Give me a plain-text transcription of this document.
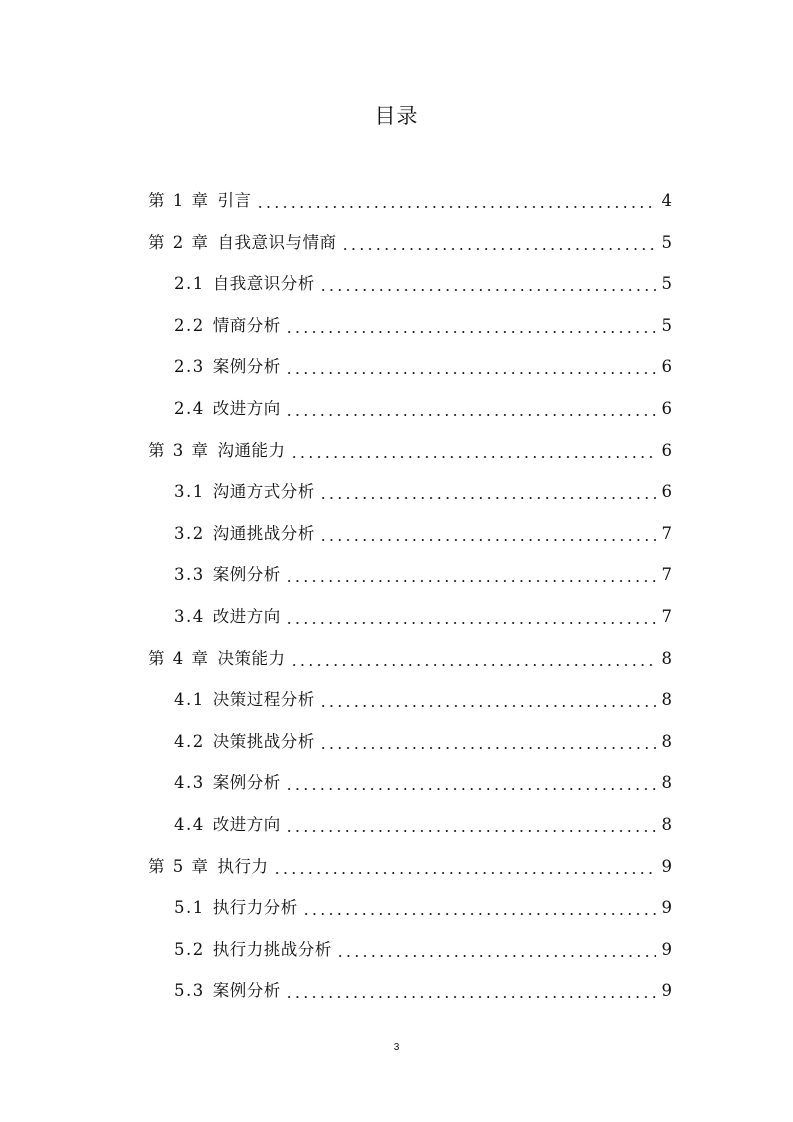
目录
第 1 章 引言	4
第 2 章 自我意识与情商	5
2.1 自我意识分析	5
2.2 情商分析	5
2.3 案例分析	6
2.4 改进方向	6
第 3 章 沟通能力	6
3.1 沟通方式分析	6
3.2 沟通挑战分析	7
3.3 案例分析	7
3.4 改进方向	7
第 4 章 决策能力	8
4.1 决策过程分析	8
4.2 决策挑战分析	8
4.3 案例分析	8
4.4 改进方向	8
第 5 章 执行力	9
5.1 执行力分析	9
5.2 执行力挑战分析	9
5.3 案例分析	9
3
